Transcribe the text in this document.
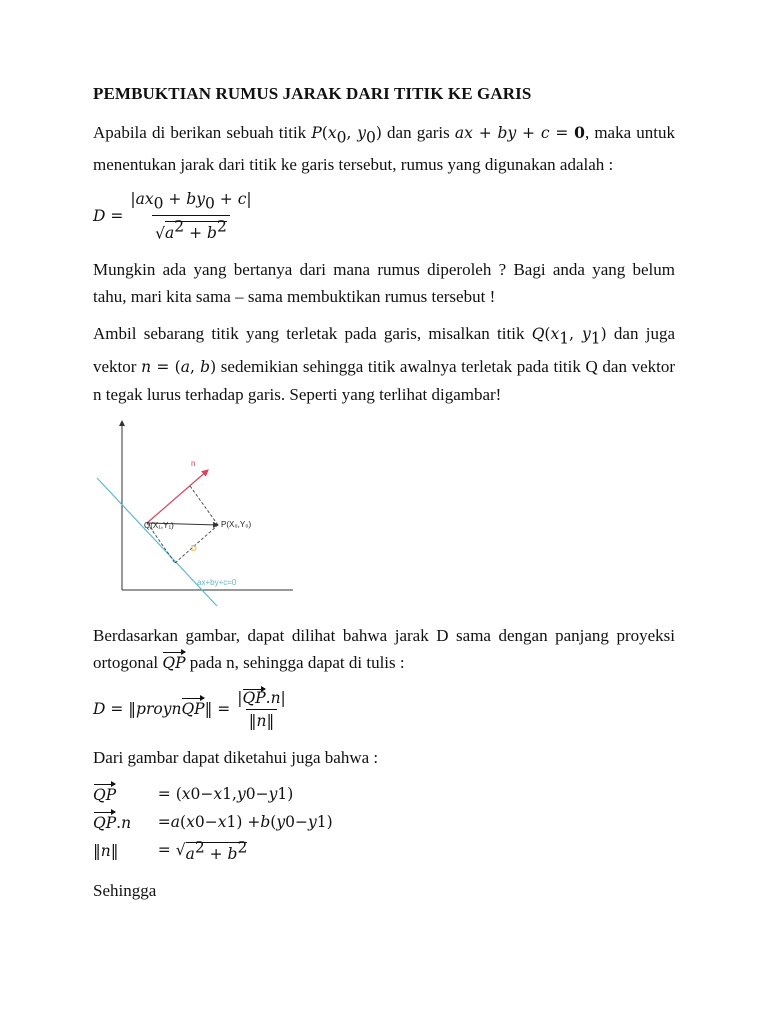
PEMBUKTIAN RUMUS JARAK DARI TITIK KE GARIS

Apabila di berikan sebuah titik $P(x_0$, $y_0$) dan garis ax + by + c = 0, maka untuk menentukan jarak dari titik ke garis tersebut, rumus yang digunakan adalah :

$D = \frac{|ax_0 + by_0 + c|}{√a^2 + b^2}$

Mungkin ada yang bertanya dari mana rumus diperoleh ? Bagi anda yang belum tahu, mari kita sama – sama membuktikan rumus tersebut !

Ambil sebarang titik yang terletak pada garis, misalkan titik $Q(x_1$, $y_1$) dan juga vektor n = (a, b) sedemikian sehingga titik awalnya terletak pada titik Q dan vektor n tegak lurus terhadap garis. Seperti yang terlihat digambar!

n
Q(X₁,Y₁)	P(X₀,Y₀)
D
ax+by+c=0

Berdasarkan gambar, dapat dilihat bahwa jarak D sama dengan panjang proyeksi ortogonal QP pada n, sehingga dapat di tulis :

D = ‖ proy n QP ‖ = $\frac{|QP.n|}{‖n‖}$

Dari gambar dapat diketahui juga bahwa :

QP	= ( x 0 − x 1 , y 0 − y 1 )
QP.n = a ( x 0 − x 1 ) + b ( y 0 − y 1 )
‖n‖	= √ $a^2 + b^2$

Sehingga
